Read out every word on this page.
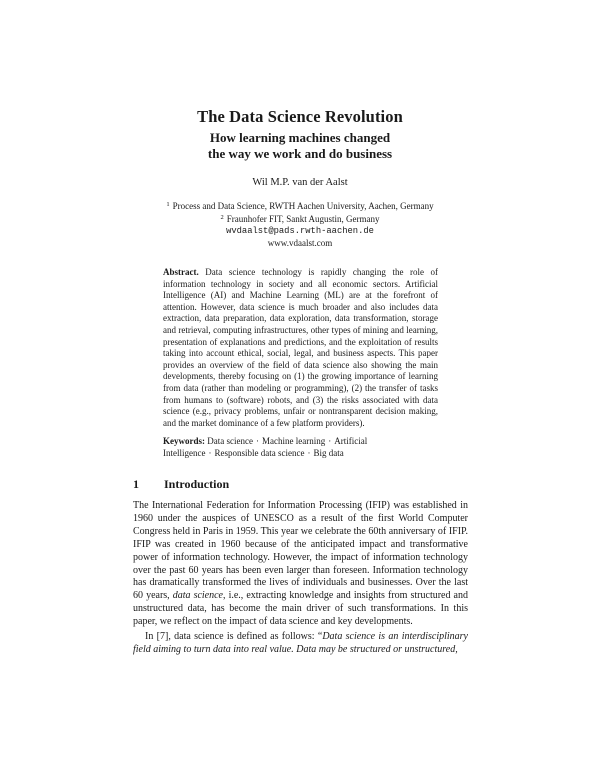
The Data Science Revolution
How learning machines changed
the way we work and do business
Wil M.P. van der Aalst
$^1$ Process and Data Science, RWTH Aachen University, Aachen, Germany
$^2$ Fraunhofer FIT, Sankt Augustin, Germany
wvdaalst@pads.rwth-aachen.de
www.vdaalst.com
Abstract. Data science technology is rapidly changing the role of information technology in society and all economic sectors. Artificial Intelligence (AI) and Machine Learning (ML) are at the forefront of attention. However, data science is much broader and also includes data extraction, data preparation, data exploration, data transformation, storage and retrieval, computing infrastructures, other types of mining and learning, presentation of explanations and predictions, and the exploitation of results taking into account ethical, social, legal, and business aspects. This paper provides an overview of the field of data science also showing the main developments, thereby focusing on (1) the growing importance of learning from data (rather than modeling or programming), (2) the transfer of tasks from humans to (software) robots, and (3) the risks associated with data science (e.g., privacy problems, unfair or nontransparent decision making, and the market dominance of a few platform providers).
Keywords: Data science · Machine learning · Artificial Intelligence · Responsible data science · Big data
1 Introduction

The International Federation for Information Processing (IFIP) was established in 1960 under the auspices of UNESCO as a result of the first World Computer Congress held in Paris in 1959. This year we celebrate the 60th anniversary of IFIP. IFIP was created in 1960 because of the anticipated impact and transformative power of information technology. However, the impact of information technology over the past 60 years has been even larger than foreseen. Information technology has dramatically transformed the lives of individuals and businesses. Over the last 60 years, data science, i.e., extracting knowledge and insights from structured and unstructured data, has become the main driver of such transformations. In this paper, we reflect on the impact of data science and key developments.

In [7], data science is defined as follows: “Data science is an interdisciplinary field aiming to turn data into real value. Data may be structured or unstructured,
